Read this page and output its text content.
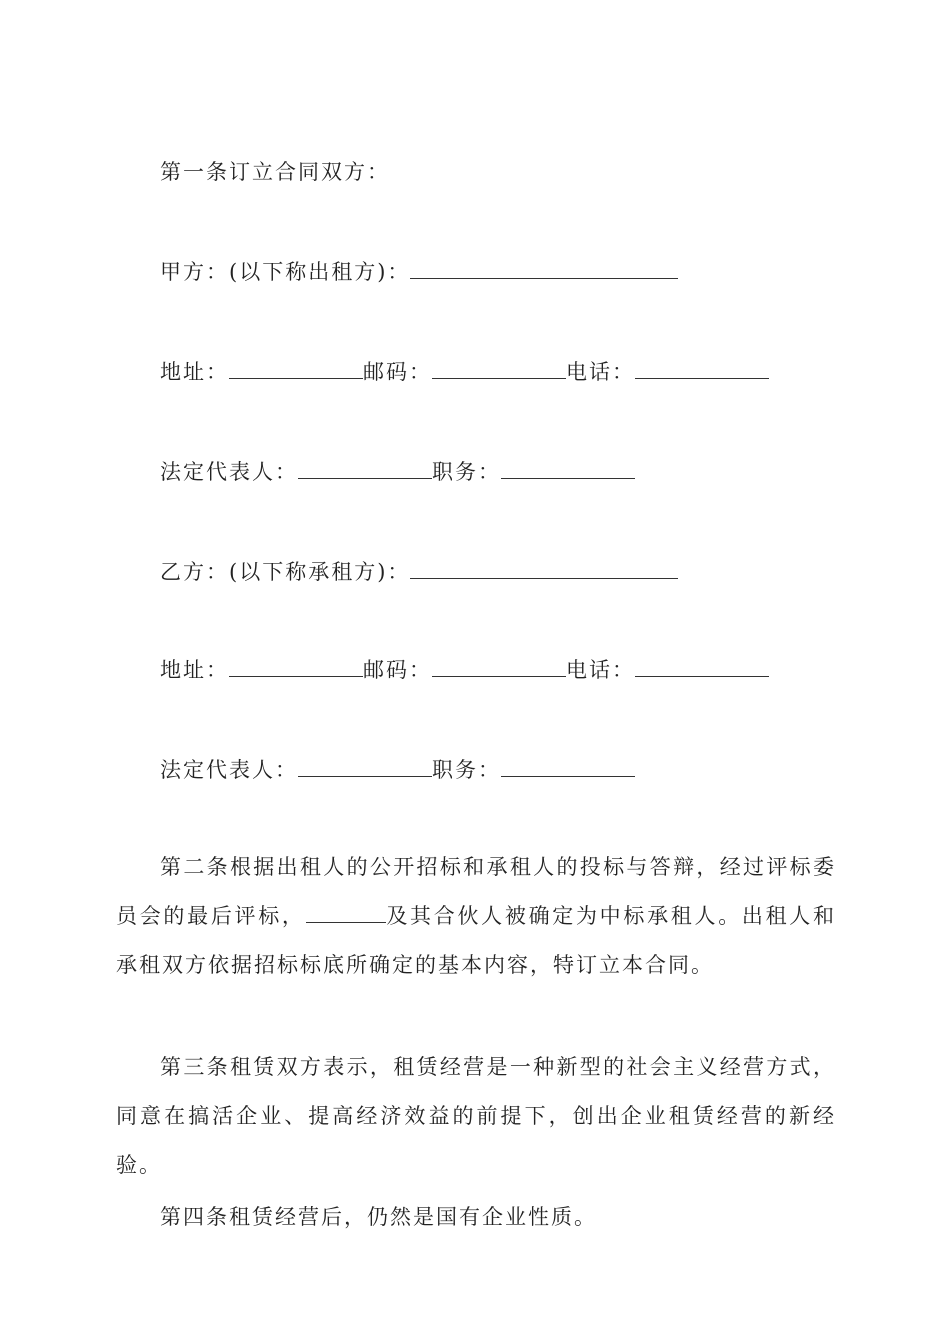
第一条订立合同双方：
甲方：(以下称出租方)：
地址：	邮码：	电话：
法定代表人：	职务：
乙方：(以下称承租方)：
地址：	邮码：	电话：
法定代表人：	职务：
第二条根据出租人的公开招标和承租人的投标与答辩，经过评标委员会的最后评标，	及其合伙人被确定为中标承租人。出租人和承租双方依据招标标底所确定的基本内容，特订立本合同。
第三条租赁双方表示，租赁经营是一种新型的社会主义经营方式，同意在搞活企业、提高经济效益的前提下，创出企业租赁经营的新经验。
第四条租赁经营后，仍然是国有企业性质。
